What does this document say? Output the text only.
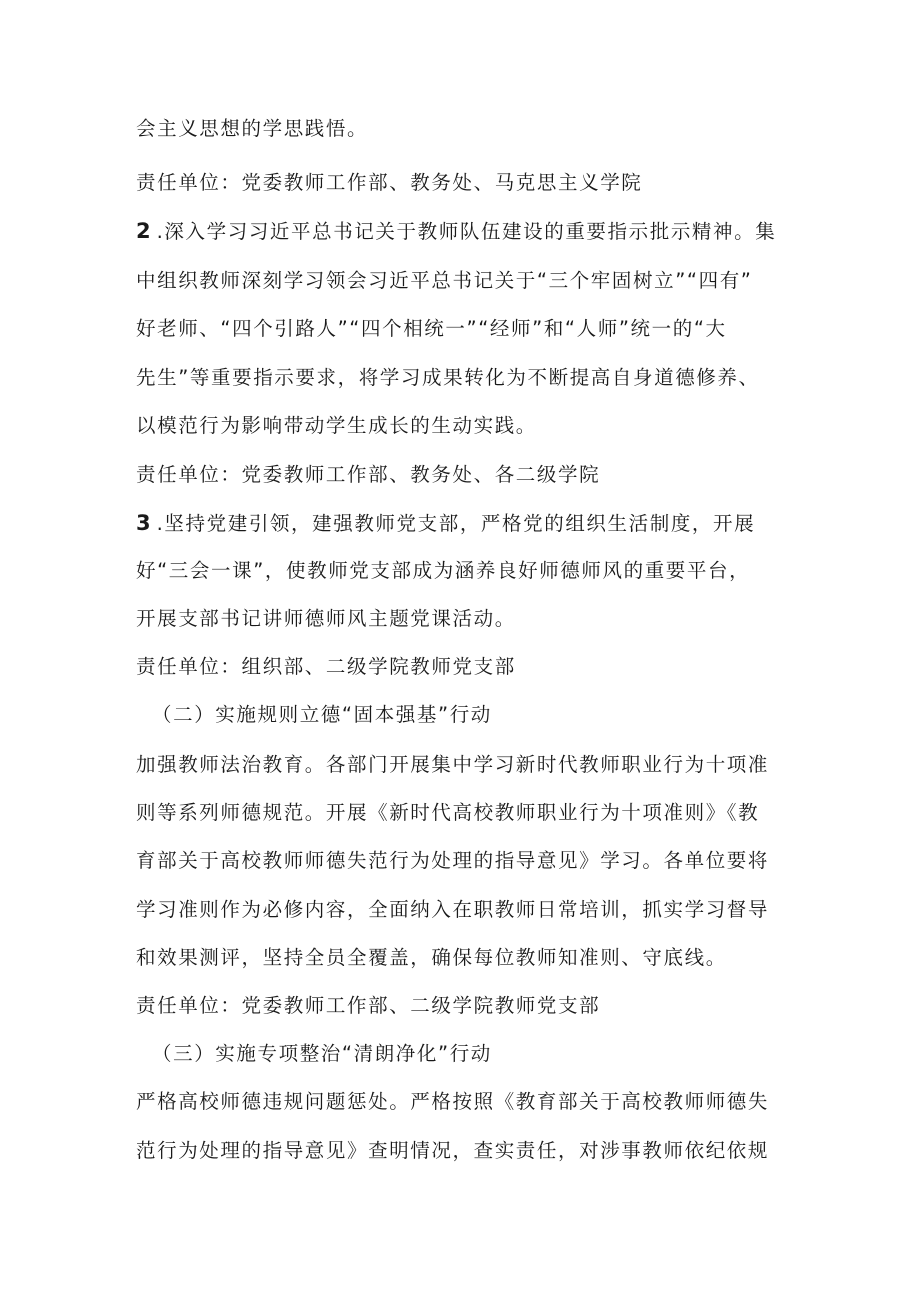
会主义思想的学思践悟。
责任单位：党委教师工作部、教务处、马克思主义学院
2.深入学习习近平总书记关于教师队伍建设的重要指示批示精神。集
中组织教师深刻学习领会习近平总书记关于“三个牢固树立”“四有”
好老师、“四个引路人”“四个相统一”“经师”和“人师”统一的“大
先生”等重要指示要求，将学习成果转化为不断提高自身道德修养、
以模范行为影响带动学生成长的生动实践。
责任单位：党委教师工作部、教务处、各二级学院
3.坚持党建引领，建强教师党支部，严格党的组织生活制度，开展
好“三会一课”，使教师党支部成为涵养良好师德师风的重要平台，
开展支部书记讲师德师风主题党课活动。
责任单位：组织部、二级学院教师党支部
（二）实施规则立德“固本强基”行动
加强教师法治教育。各部门开展集中学习新时代教师职业行为十项准
则等系列师德规范。开展《新时代高校教师职业行为十项准则》《教
育部关于高校教师师德失范行为处理的指导意见》学习。各单位要将
学习准则作为必修内容，全面纳入在职教师日常培训，抓实学习督导
和效果测评，坚持全员全覆盖，确保每位教师知准则、守底线。
责任单位：党委教师工作部、二级学院教师党支部
（三）实施专项整治“清朗净化”行动
严格高校师德违规问题惩处。严格按照《教育部关于高校教师师德失
范行为处理的指导意见》查明情况，查实责任，对涉事教师依纪依规
